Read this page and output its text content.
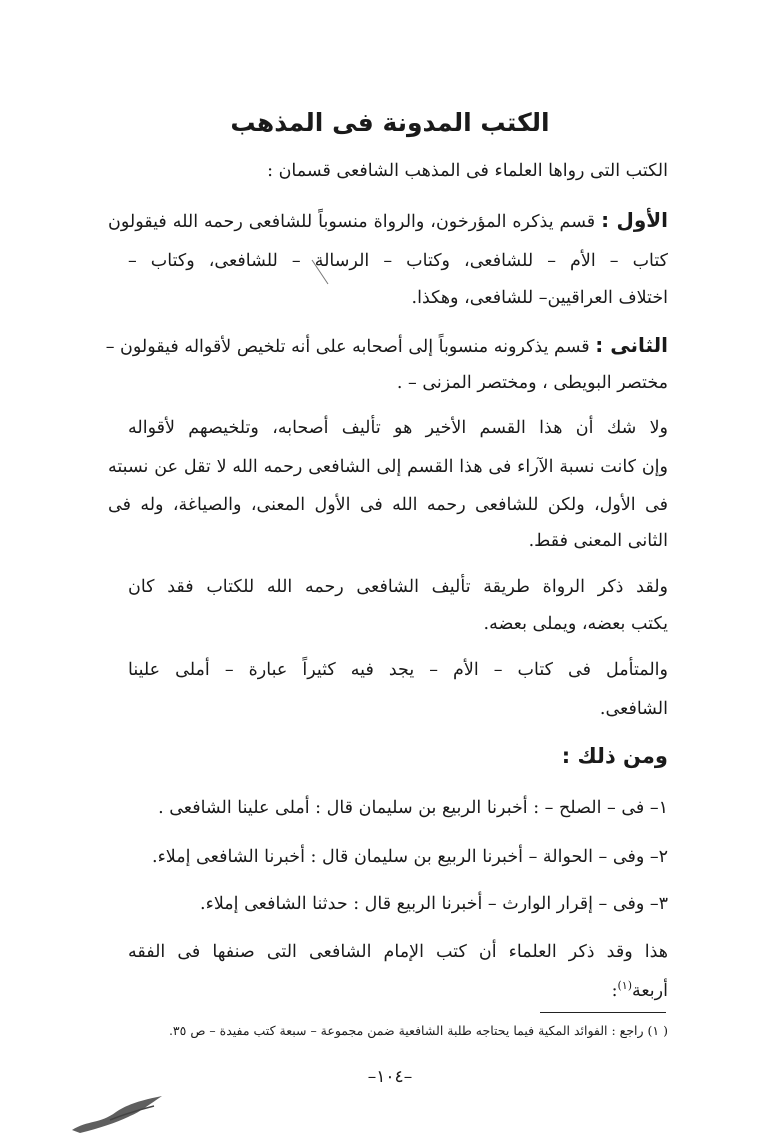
الكتب المدونة فى المذهب
الكتب التى رواها العلماء فى المذهب الشافعى قسمان :
الأول : قسم يذكره المؤرخون، والرواة منسوباً للشافعى رحمه الله فيقولون
كتاب – الأم – للشافعى، وكتاب – الرسالة – للشافعى، وكتاب –
اختلاف العراقيين– للشافعى، وهكذا.
الثانى : قسم يذكرونه منسوباً إلى أصحابه على أنه تلخيص لأقواله فيقولون –
مختصر البويطى ، ومختصر المزنى – .
ولا شك أن هذا القسم الأخير هو تأليف أصحابه، وتلخيصهم لأقواله
وإن كانت نسبة الآراء فى هذا القسم إلى الشافعى رحمه الله لا تقل عن نسبته
فى الأول، ولكن للشافعى رحمه الله فى الأول المعنى، والصياغة، وله فى
الثانى المعنى فقط.
ولقد ذكر الرواة طريقة تأليف الشافعى رحمه الله للكتاب فقد كان
يكتب بعضه، ويملى بعضه.
والمتأمل فى كتاب – الأم – يجد فيه كثيراً عبارة – أملى علينا
الشافعى.
ومن ذلك :
١– فى – الصلح – : أخبرنا الربيع بن سليمان قال : أملى علينا الشافعى .
٢– وفى – الحوالة – أخبرنا الربيع بن سليمان قال : أخبرنا الشافعى إملاء.
٣– وفى – إقرار الوارث – أخبرنا الربيع قال : حدثنا الشافعى إملاء.
هذا وقد ذكر العلماء أن كتب الإمام الشافعى التى صنفها فى الفقه
أربعة$^{(١)}$:
( ١) راجع : الفوائد المكية فيما يحتاجه طلبة الشافعية ضمن مجموعة – سبعة كتب مفيدة – ص ٣٥.
–١٠٤–
